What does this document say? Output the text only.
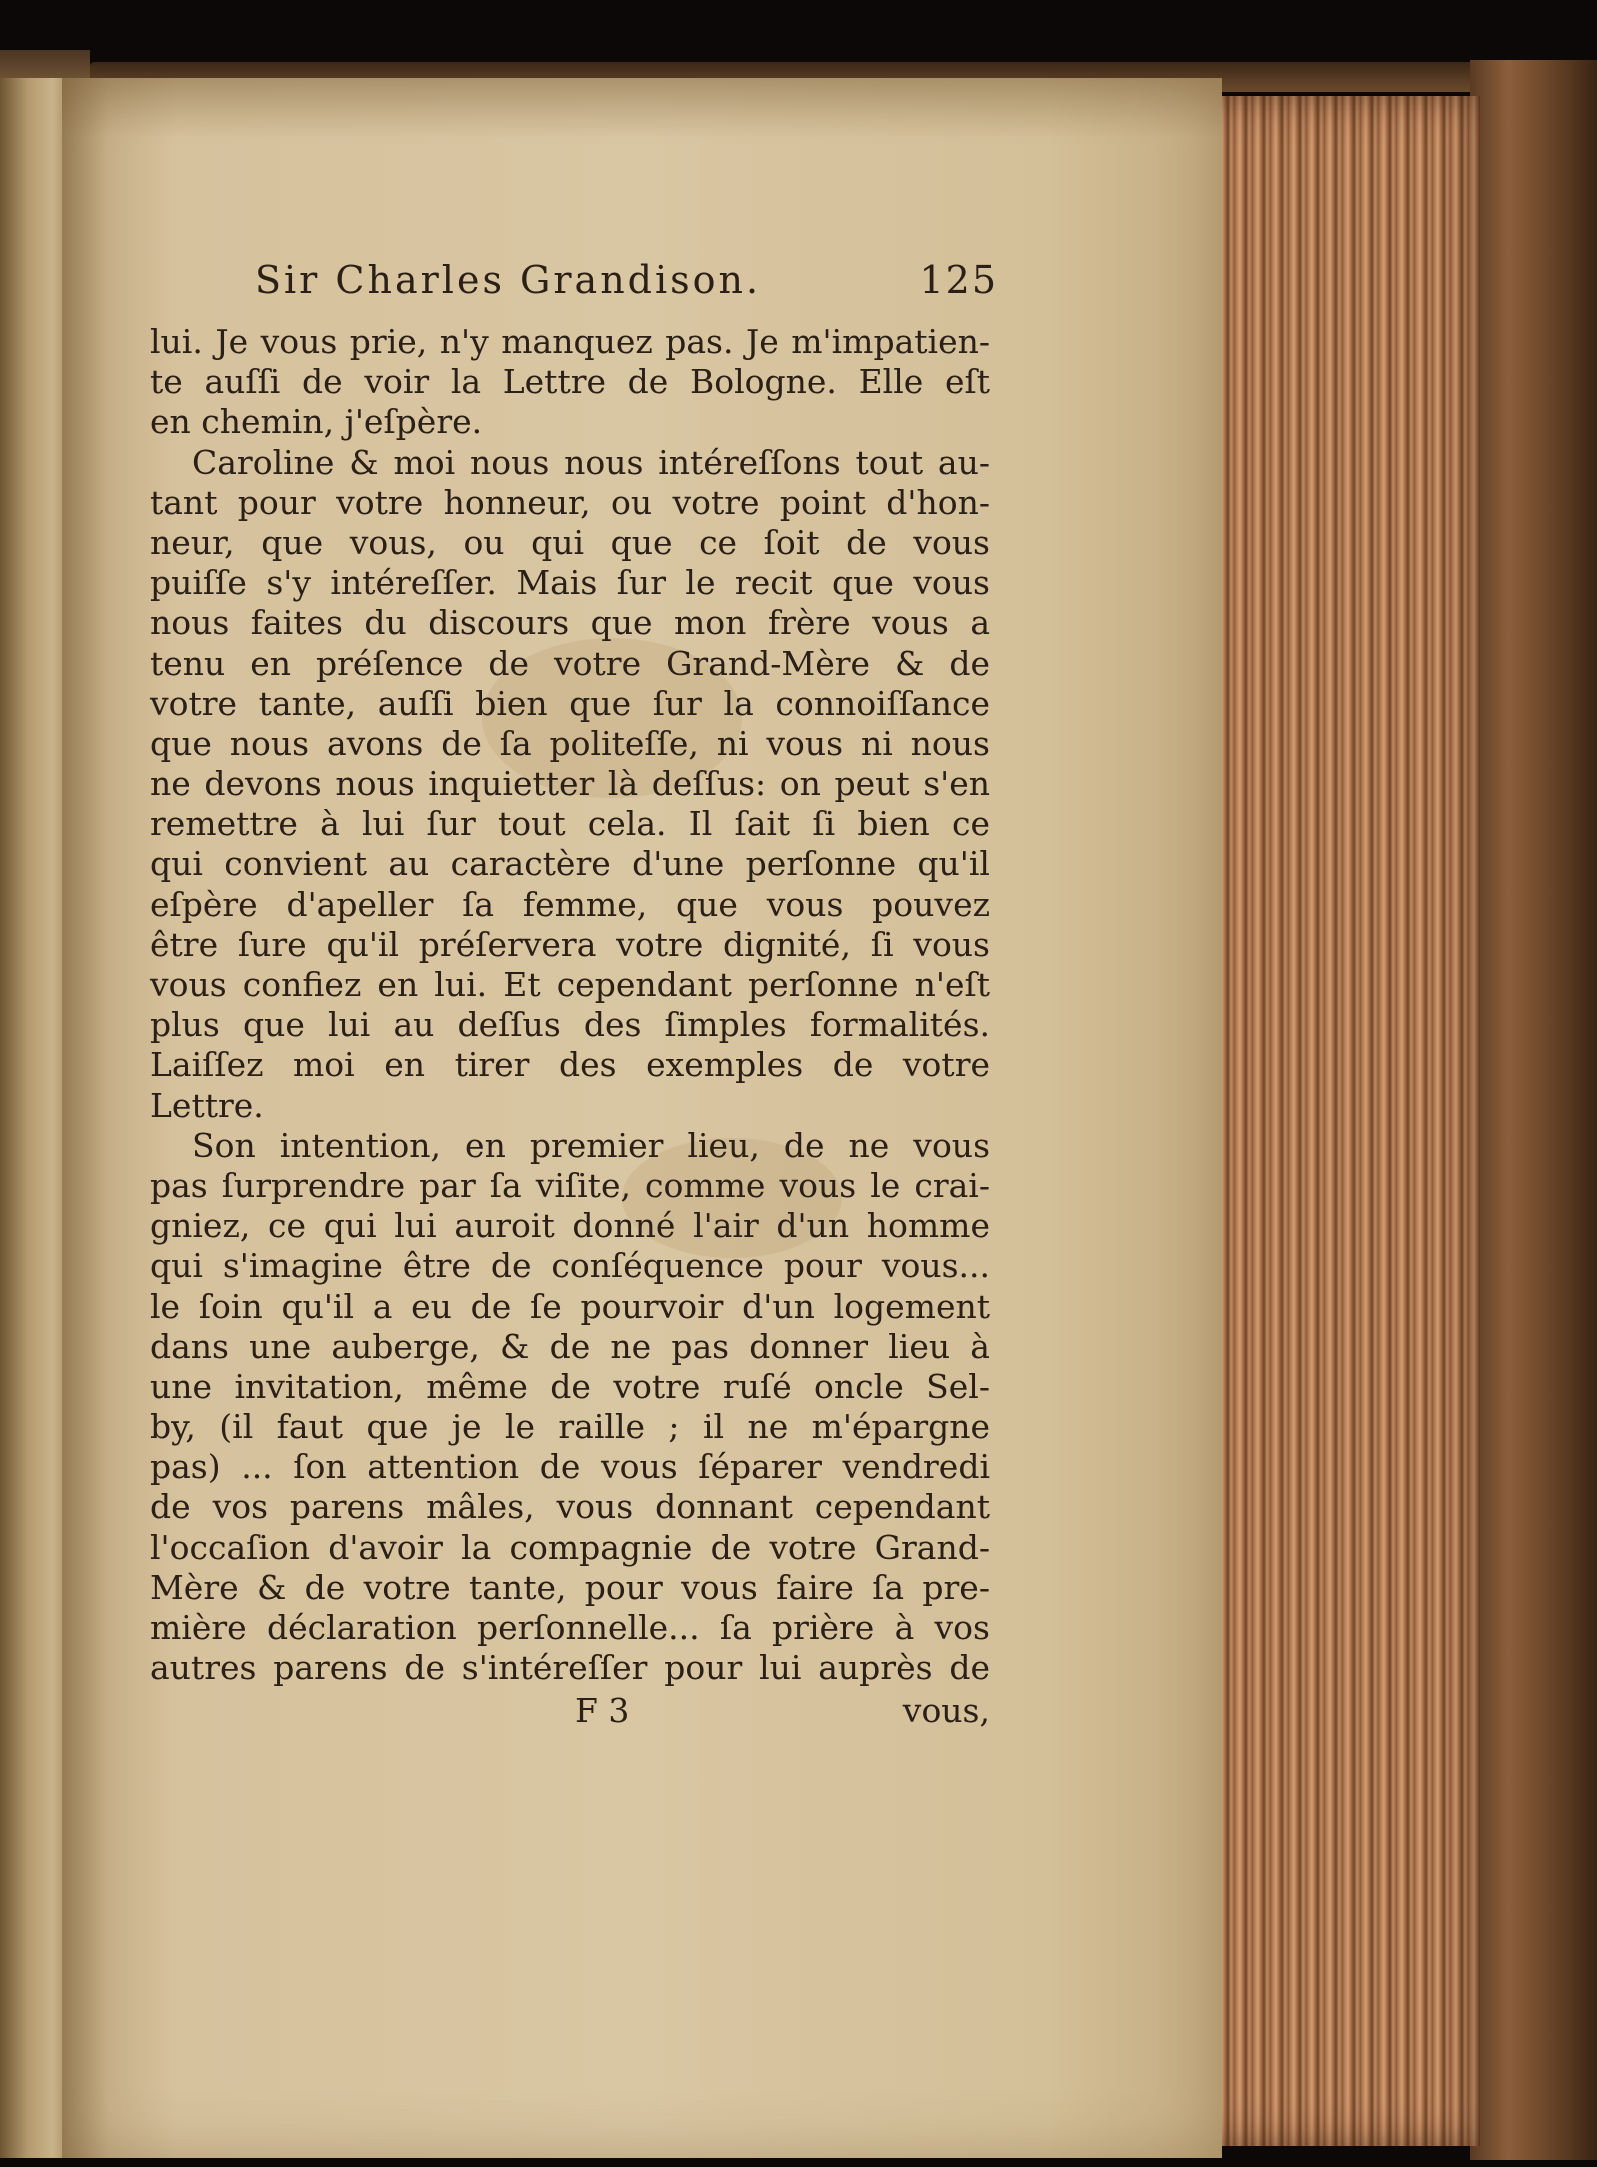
Sir Charles Grandison.	125
lui. Je vous prie, n'y manquez pas. Je m'impatien-
te auſſi de voir la Lettre de Bologne. Elle eſt
en chemin, j'eſpère.
Caroline & moi nous nous intéreſſons tout au-
tant pour votre honneur, ou votre point d'hon-
neur, que vous, ou qui que ce ſoit de vous
puiſſe s'y intéreſſer. Mais ſur le recit que vous
nous faites du discours que mon frère vous a
tenu en préſence de votre Grand-Mère & de
votre tante, auſſi bien que ſur la connoiſſance
que nous avons de ſa politeſſe, ni vous ni nous
ne devons nous inquietter là deſſus: on peut s'en
remettre à lui ſur tout cela. Il ſait ſi bien ce
qui convient au caractère d'une perſonne qu'il
eſpère d'apeller ſa femme, que vous pouvez
être ſure qu'il préſervera votre dignité, ſi vous
vous confiez en lui. Et cependant perſonne n'eſt
plus que lui au deſſus des ſimples formalités.
Laiſſez moi en tirer des exemples de votre
Lettre.
Son intention, en premier lieu, de ne vous
pas ſurprendre par ſa viſite, comme vous le crai-
gniez, ce qui lui auroit donné l'air d'un homme
qui s'imagine être de conſéquence pour vous...
le ſoin qu'il a eu de ſe pourvoir d'un logement
dans une auberge, & de ne pas donner lieu à
une invitation, même de votre ruſé oncle Sel-
by, (il faut que je le raille ; il ne m'épargne
pas) ... ſon attention de vous ſéparer vendredi
de vos parens mâles, vous donnant cependant
l'occaſion d'avoir la compagnie de votre Grand-
Mère & de votre tante, pour vous faire ſa pre-
mière déclaration perſonnelle... ſa prière à vos
autres parens de s'intéreſſer pour lui auprès de
F 3	vous,
